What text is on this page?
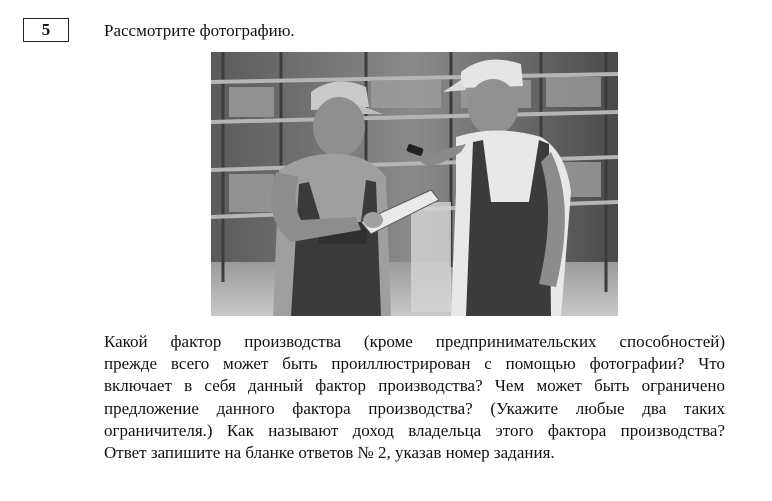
5	Рассмотрите фотографию.
Какой фактор производства (кроме предпринимательских способностей)
прежде всего может быть проиллюстрирован с помощью фотографии? Что
включает в себя данный фактор производства? Чем может быть ограничено
предложение данного фактора производства? (Укажите любые два таких
ограничителя.) Как называют доход владельца этого фактора производства?
Ответ запишите на бланке ответов № 2, указав номер задания.
